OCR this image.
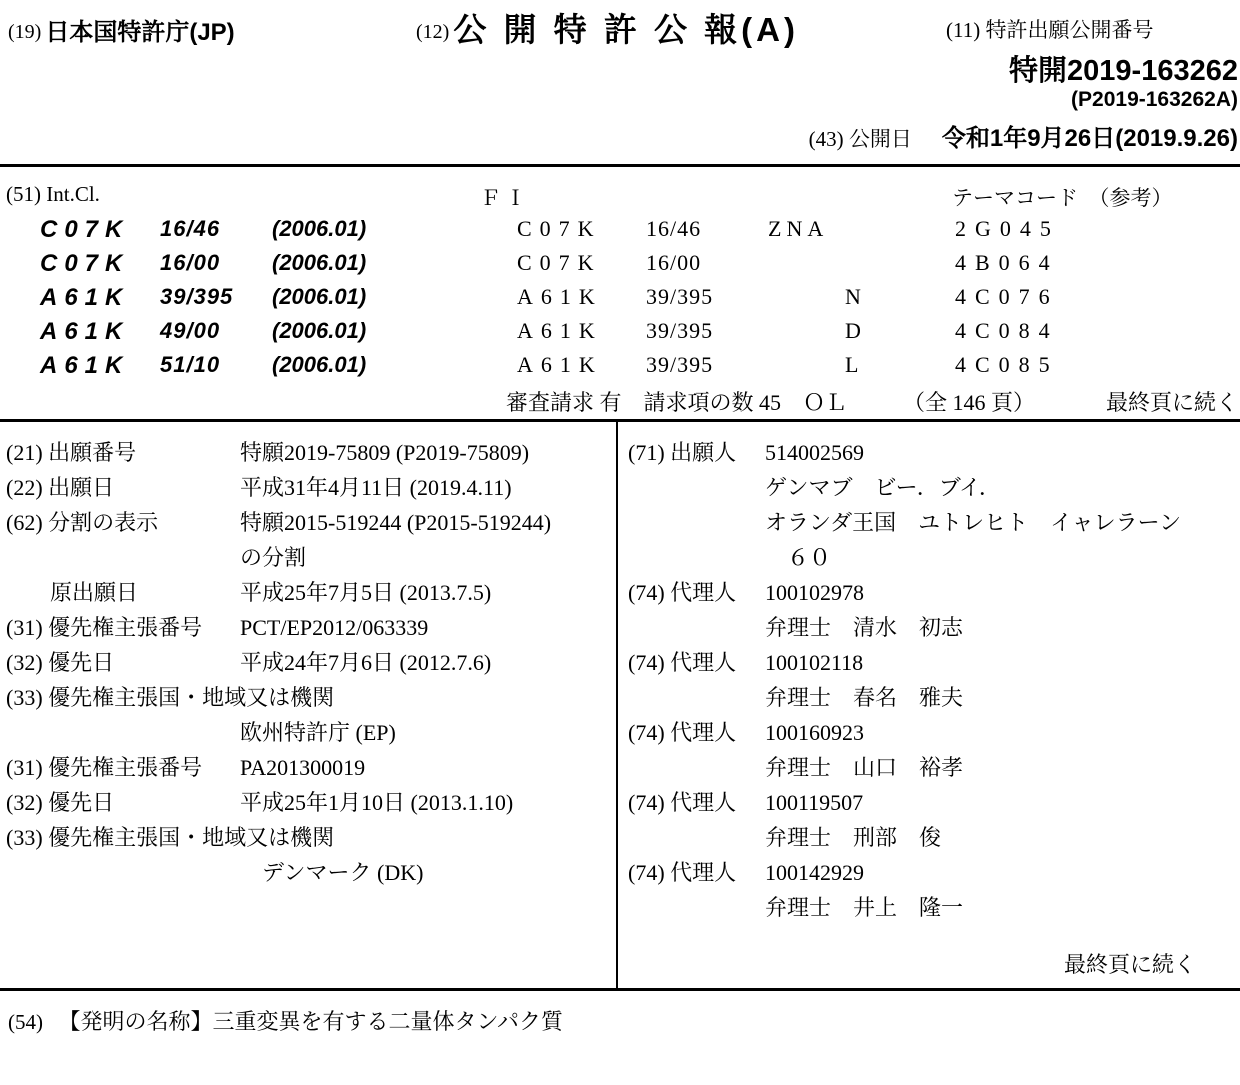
(19) 日本国特許庁(JP)	(12) 公 開 特 許 公 報(A)	(11) 特許出願公開番号
特開2019-163262
(P2019-163262A)
(43) 公開日 令和1年9月26日(2019.9.26)
(51) Int.Cl.	ＦＩ	テーマコード　（参考）
C07K 16/46 (2006.01)	C07K 16/46	ZNA	2G045
C07K 16/00 (2006.01)	C07K 16/00	4B064
A61K 39/395 (2006.01)	A61K 39/395	N	4C076
A61K 49/00 (2006.01)	A61K 39/395	D	4C084
A61K 51/10 (2006.01)	A61K 39/395	L	4C085
審査請求 有　請求項の数 45　ＯＬ	（全 146 頁）	最終頁に続く
(21) 出願番号	特願2019-75809 (P2019-75809)
(22) 出願日	平成31年4月11日 (2019.4.11)
(62) 分割の表示	特願2015-519244 (P2015-519244)
の分割
　　原出願日	平成25年7月5日 (2013.7.5)
(31) 優先権主張番号 PCT/EP2012/063339
(32) 優先日	平成24年7月6日 (2012.7.6)
(33) 優先権主張国・地域又は機関
欧州特許庁 (EP)
(31) 優先権主張番号 PA201300019
(32) 優先日	平成25年1月10日 (2013.1.10)
(33) 優先権主張国・地域又は機関
　デンマーク (DK)
(71) 出願人 514002569
ゲンマブ　ビー．ブイ．
オランダ王国　ユトレヒト　イャレラーン
　６０
(74) 代理人 100102978
弁理士　清水　初志
(74) 代理人 100102118
弁理士　春名　雅夫
(74) 代理人 100160923
弁理士　山口　裕孝
(74) 代理人 100119507
弁理士　刑部　俊
(74) 代理人 100142929
弁理士　井上　隆一
最終頁に続く
(54) 【発明の名称】三重変異を有する二量体タンパク質
